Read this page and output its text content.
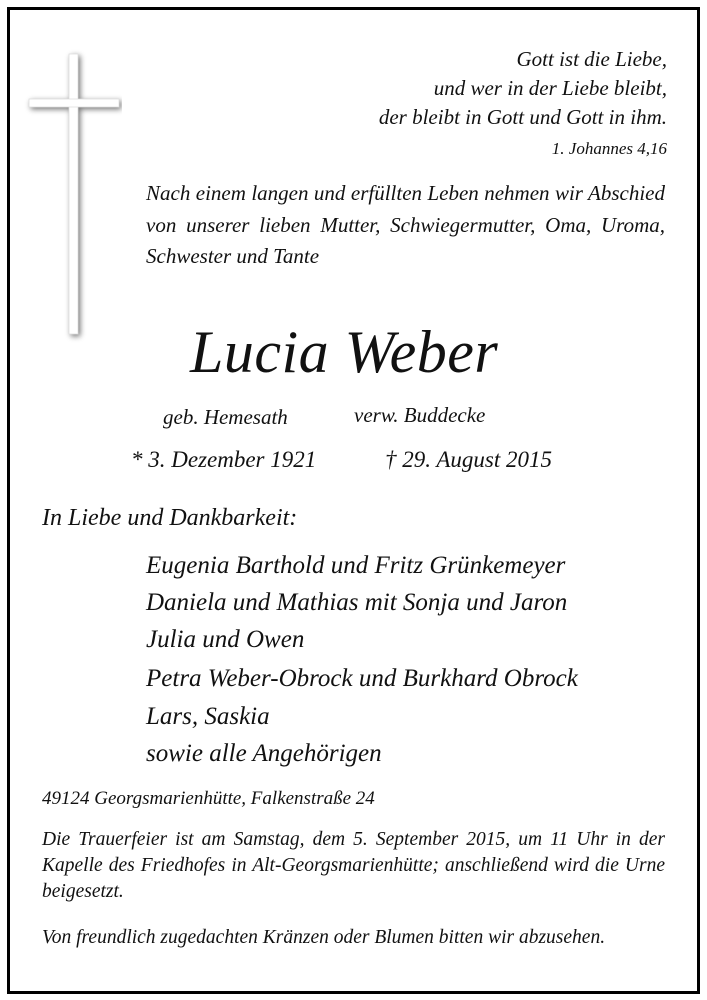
Gott ist die Liebe,
und wer in der Liebe bleibt,
der bleibt in Gott und Gott in ihm.
1. Johannes 4,16
Nach einem langen und erfüllten Leben nehmen wir Abschied von unserer lieben Mutter, Schwiegermutter, Oma, Uroma, Schwester und Tante
Lucia Weber
geb. Hemesath	verw. Buddecke
* 3. Dezember 1921	† 29. August 2015
In Liebe und Dankbarkeit:
Eugenia Barthold und Fritz Grünkemeyer
Daniela und Mathias mit Sonja und Jaron
Julia und Owen
Petra Weber-Obrock und Burkhard Obrock
Lars, Saskia
sowie alle Angehörigen
49124 Georgsmarienhütte, Falkenstraße 24
Die Trauerfeier ist am Samstag, dem 5. September 2015, um 11 Uhr in der Kapelle des Friedhofes in Alt-Georgsmarienhütte; anschließend wird die Urne beigesetzt.
Von freundlich zugedachten Kränzen oder Blumen bitten wir abzusehen.
